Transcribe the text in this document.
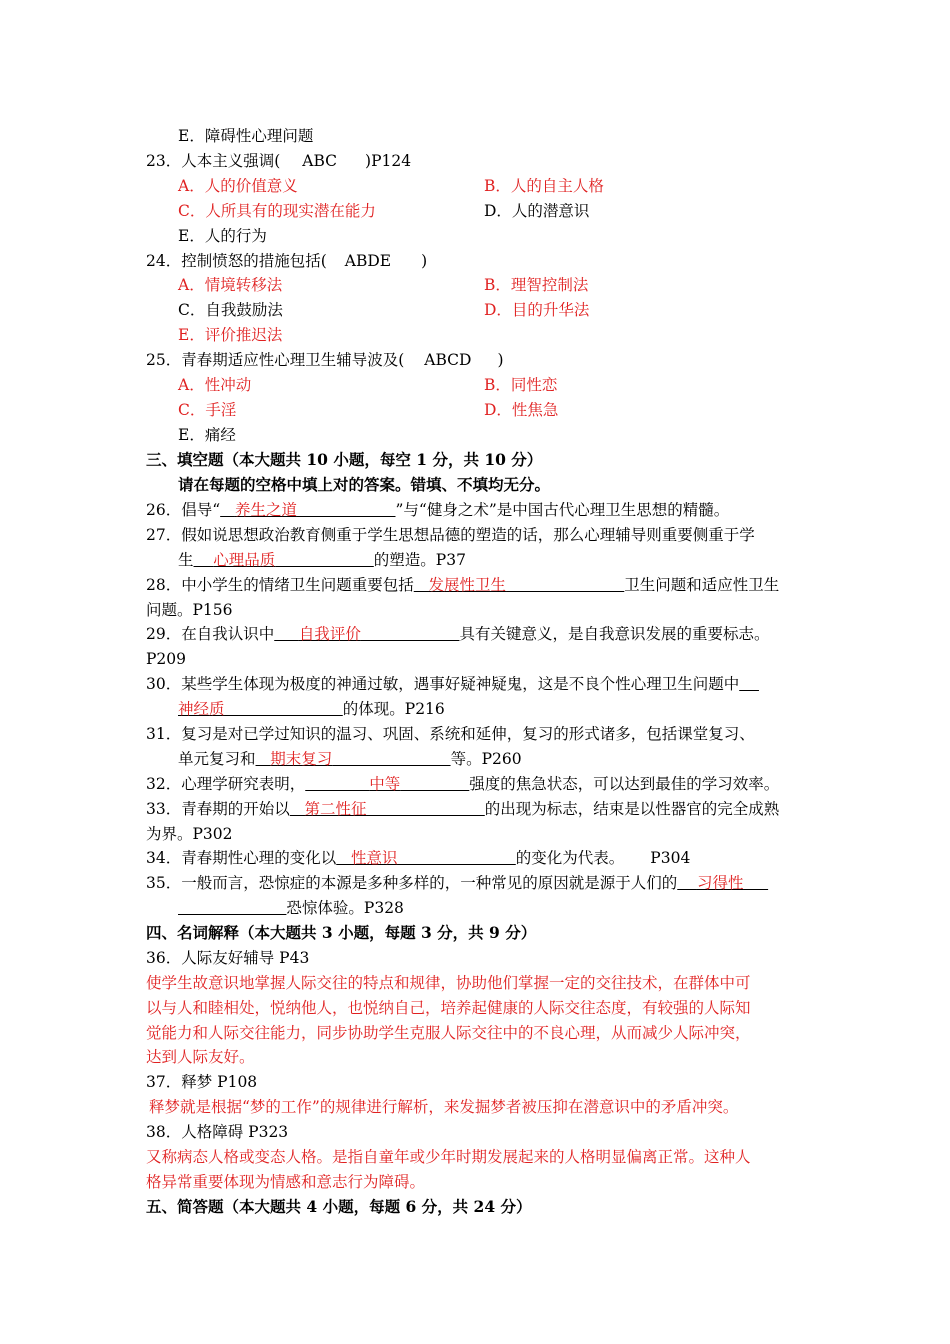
E．障碍性心理问题
23．人本主义强调( ABC )P124
A．人的价值意义	B．人的自主人格
C．人所具有的现实潜在能力	D．人的潜意识
E．人的行为
24．控制愤怒的措施包括( ABDE )
A．情境转移法	B．理智控制法
C．自我鼓励法	D．目的升华法
E．评价推迟法
25．青春期适应性心理卫生辅导波及( ABCD )
A．性冲动	B．同性恋
C．手淫	D．性焦急
E．痛经
三、填空题（本大题共 10 小题，每空 1 分，共 10 分）
请在每题的空格中填上对的答案。错填、不填均无分。
26．倡导“ 养生之道	”与“健身之术”是中国古代心理卫生思想的精髓。
27．假如说思想政治教育侧重于学生思想品德的塑造的话，那么心理辅导则重要侧重于学
生 心理品质	的塑造。P37
28．中小学生的情绪卫生问题重要包括 发展性卫生	卫生问题和适应性卫生
问题。P156
29．在自我认识中 自我评价	具有关键意义，是自我意识发展的重要标志。
P209
30．某些学生体现为极度的神通过敏，遇事好疑神疑鬼，这是不良个性心理卫生问题中
神经质	的体现。P216
31．复习是对已学过知识的温习、巩固、系统和延伸，复习的形式诸多，包括课堂复习、
单元复习和 期末复习	等。P260
32．心理学研究表明，	中等	强度的焦急状态，可以达到最佳的学习效率。
33．青春期的开始以 第二性征	的出现为标志，结束是以性器官的完全成熟
为界。P302
34．青春期性心理的变化以 性意识	的变化为代表。 P304
35．一般而言，恐惊症的本源是多种多样的，一种常见的原因就是源于人们的 习得性
恐惊体验。P328
四、名词解释（本大题共 3 小题，每题 3 分，共 9 分）
36．人际友好辅导 P43
使学生故意识地掌握人际交往的特点和规律，协助他们掌握一定的交往技术，在群体中可
以与人和睦相处，悦纳他人，也悦纳自己，培养起健康的人际交往态度，有较强的人际知
觉能力和人际交往能力，同步协助学生克服人际交往中的不良心理，从而减少人际冲突，
达到人际友好。
37．释梦 P108
释梦就是根据“梦的工作”的规律进行解析，来发掘梦者被压抑在潜意识中的矛盾冲突。
38．人格障碍 P323
又称病态人格或变态人格。是指自童年或少年时期发展起来的人格明显偏离正常。这种人
格异常重要体现为情感和意志行为障碍。
五、简答题（本大题共 4 小题，每题 6 分，共 24 分）
